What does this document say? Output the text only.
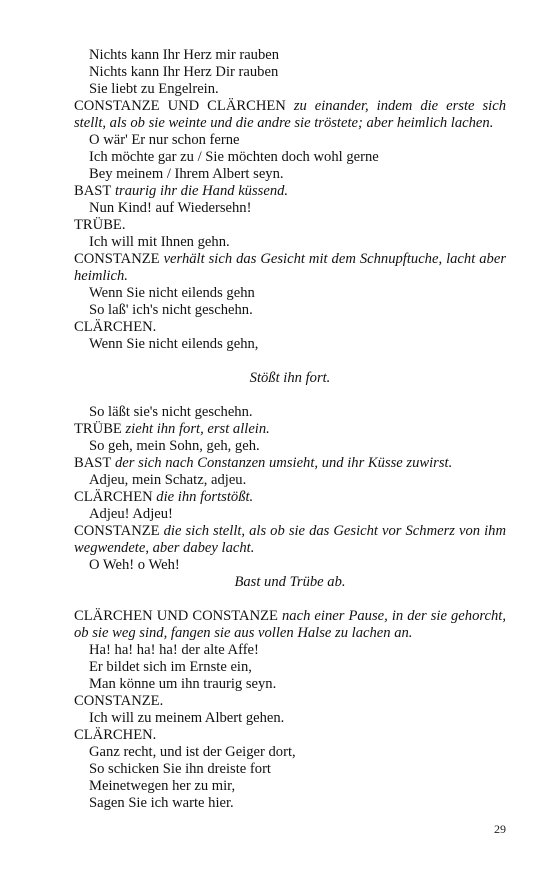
Nichts kann Ihr Herz mir rauben
Nichts kann Ihr Herz Dir rauben
Sie liebt zu Engelrein.
CONSTANZE UND CLÄRCHEN zu einander, indem die erste sich stellt, als ob sie weinte und die andre sie tröstete; aber heimlich lachen.
O wär' Er nur schon ferne
Ich möchte gar zu / Sie möchten doch wohl gerne
Bey meinem / Ihrem Albert seyn.
BAST traurig ihr die Hand küssend.
Nun Kind! auf Wiedersehn!
TRÜBE.
Ich will mit Ihnen gehn.
CONSTANZE verhält sich das Gesicht mit dem Schnupftuche, lacht aber heimlich.
Wenn Sie nicht eilends gehn
So laß' ich's nicht geschehn.
CLÄRCHEN.
Wenn Sie nicht eilends gehn,
Stößt ihn fort.
So läßt sie's nicht geschehn.
TRÜBE zieht ihn fort, erst allein.
So geh, mein Sohn, geh, geh.
BAST der sich nach Constanzen umsieht, und ihr Küsse zuwirst.
Adjeu, mein Schatz, adjeu.
CLÄRCHEN die ihn fortstößt.
Adjeu! Adjeu!
CONSTANZE die sich stellt, als ob sie das Gesicht vor Schmerz von ihm wegwendete, aber dabey lacht.
O Weh! o Weh!
Bast und Trübe ab.
CLÄRCHEN UND CONSTANZE nach einer Pause, in der sie gehorcht, ob sie weg sind, fangen sie aus vollen Halse zu lachen an.
Ha! ha! ha! ha! der alte Affe!
Er bildet sich im Ernste ein,
Man könne um ihn traurig seyn.
CONSTANZE.
Ich will zu meinem Albert gehen.
CLÄRCHEN.
Ganz recht, und ist der Geiger dort,
So schicken Sie ihn dreiste fort
Meinetwegen her zu mir,
Sagen Sie ich warte hier.
29
